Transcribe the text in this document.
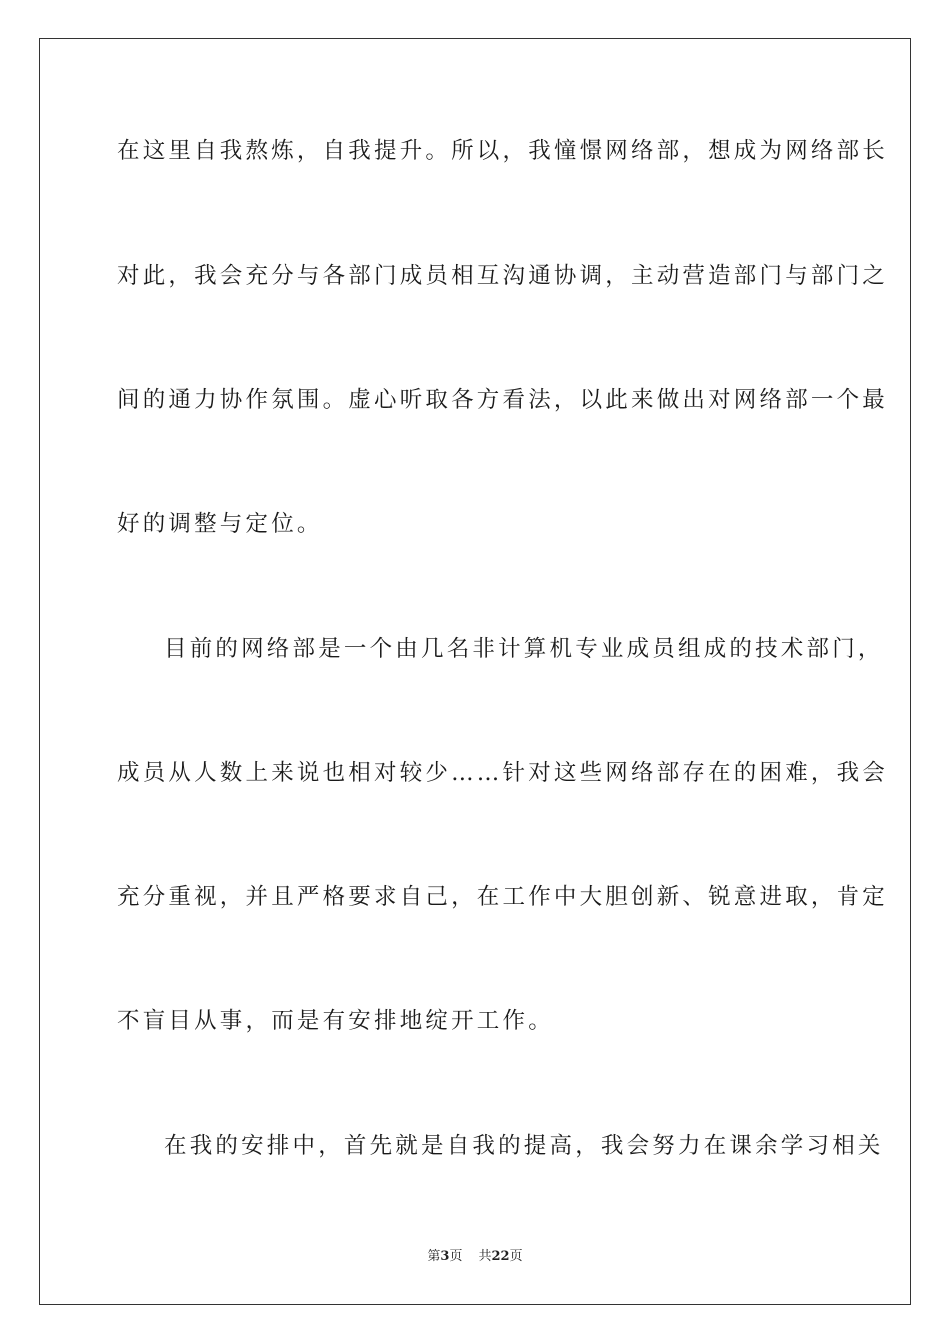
在这里自我熬炼，自我提升。所以，我憧憬网络部，想成为网络部长
对此，我会充分与各部门成员相互沟通协调，主动营造部门与部门之
间的通力协作氛围。虚心听取各方看法，以此来做出对网络部一个最
好的调整与定位。
目前的网络部是一个由几名非计算机专业成员组成的技术部门，
成员从人数上来说也相对较少……针对这些网络部存在的困难，我会
充分重视，并且严格要求自己，在工作中大胆创新、锐意进取，肯定
不盲目从事，而是有安排地绽开工作。
在我的安排中，首先就是自我的提高，我会努力在课余学习相关
第3页 共22页
